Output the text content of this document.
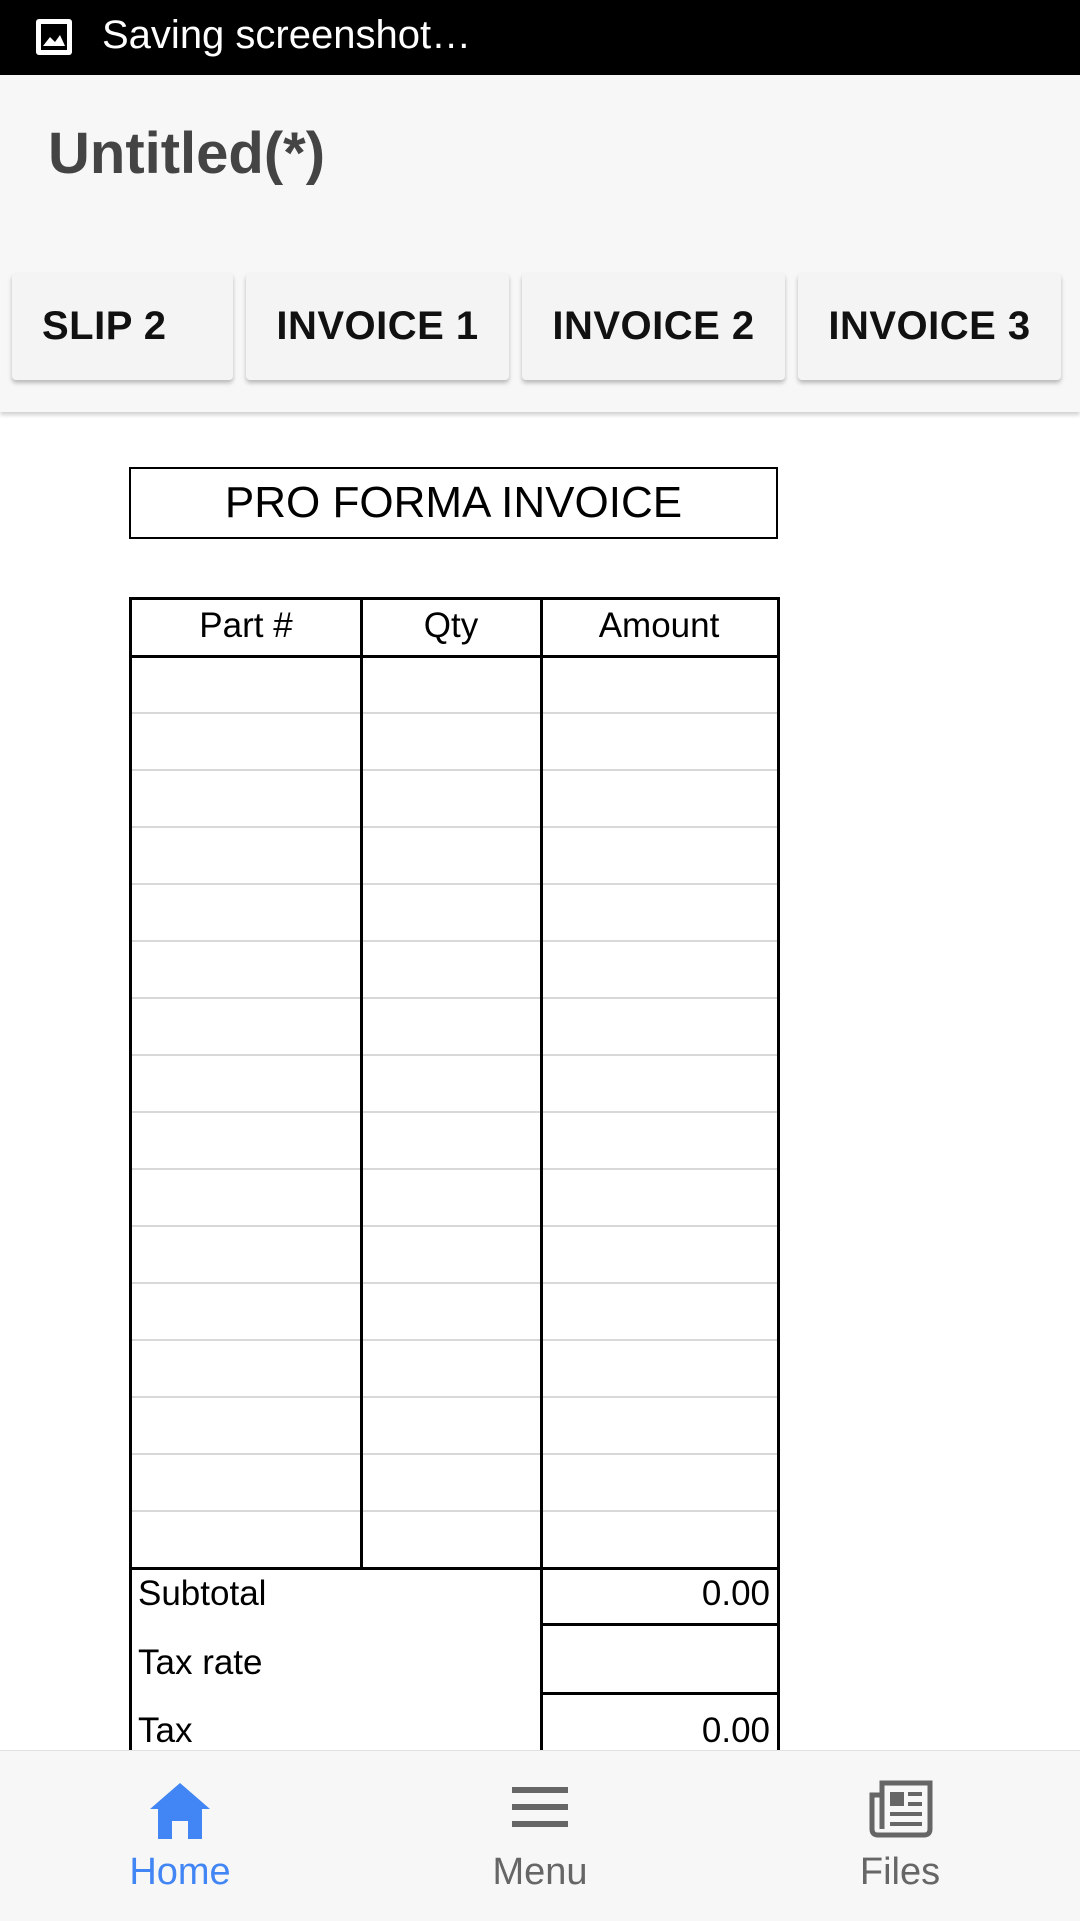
Saving screenshot…
Untitled(*)
SLIP 2	INVOICE 1	INVOICE 2	INVOICE 3
PRO FORMA INVOICE
Part #	Qty	Amount
Subtotal	0.00
Tax rate
Tax	0.00
Home	Menu	Files
